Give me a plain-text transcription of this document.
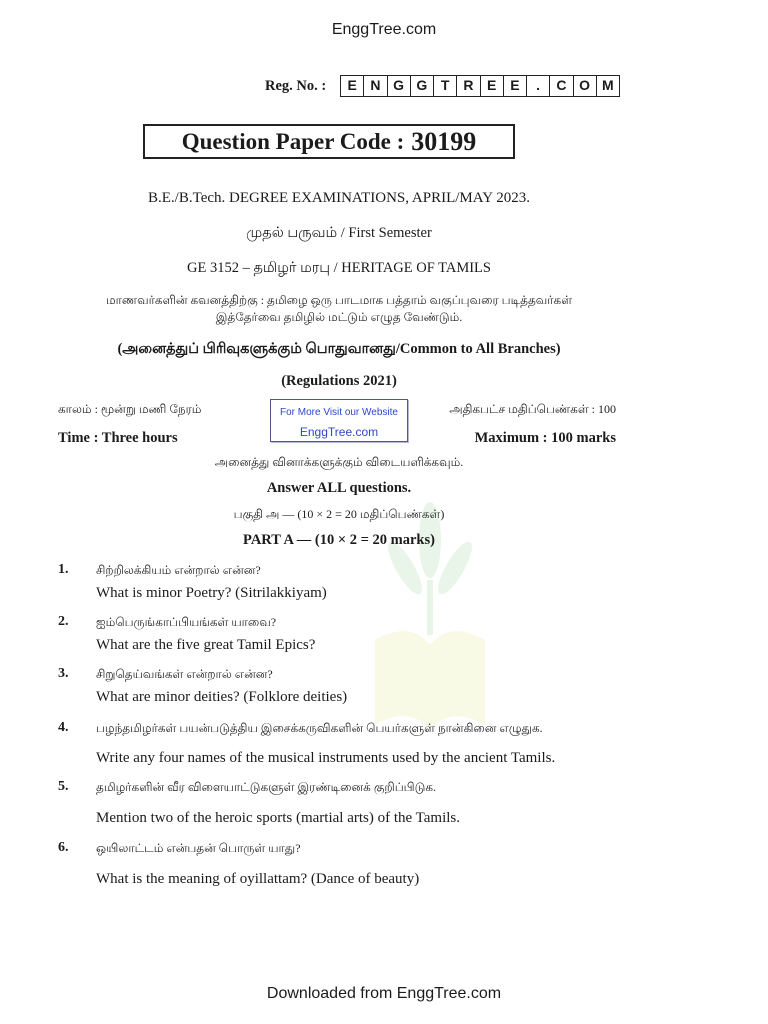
EnggTree.com
Reg. No. :	E N G G T R E E	.	C O M
Question Paper Code : 30199
B.E./B.Tech. DEGREE EXAMINATIONS, APRIL/MAY 2023.
முதல் பருவம் / First Semester
GE 3152 – தமிழர் மரபு / HERITAGE OF TAMILS
மாணவர்களின் கவனத்திற்கு : தமிழை ஒரு பாடமாக பத்தாம் வகுப்புவரை படித்தவர்கள்
இத்தேர்வை தமிழில் மட்டும் எழுத வேண்டும்.
(அனைத்துப் பிரிவுகளுக்கும் பொதுவானது/Common to All Branches)
(Regulations 2021)
காலம் : மூன்று மணி நேரம்	அதிகபட்ச மதிப்பெண்கள் : 100
For More Visit our Website
EnggTree.com
Time : Three hours	Maximum : 100 marks
அனைத்து வினாக்களுக்கும் விடையளிக்கவும்.
Answer ALL questions.
பகுதி அ — (10 × 2 = 20 மதிப்பெண்கள்)
PART A — (10 × 2 = 20 marks)
1. சிற்றிலக்கியம் என்றால் என்ன?
What is minor Poetry? (Sitrilakkiyam)
2. ஐம்பெருங்காப்பியங்கள் யாவை?
What are the five great Tamil Epics?
3. சிறுதெய்வங்கள் என்றால் என்ன?
What are minor deities? (Folklore deities)
4. பழந்தமிழர்கள் பயன்படுத்திய இசைக்கருவிகளின் பெயர்களுள் நான்கினை எழுதுக.
Write any four names of the musical instruments used by the ancient Tamils.
5. தமிழர்களின் வீர விளையாட்டுகளுள் இரண்டினைக் குறிப்பிடுக.
Mention two of the heroic sports (martial arts) of the Tamils.
6. ஒயிலாட்டம் என்பதன் பொருள் யாது?
What is the meaning of oyillattam? (Dance of beauty)
Downloaded from EnggTree.com
